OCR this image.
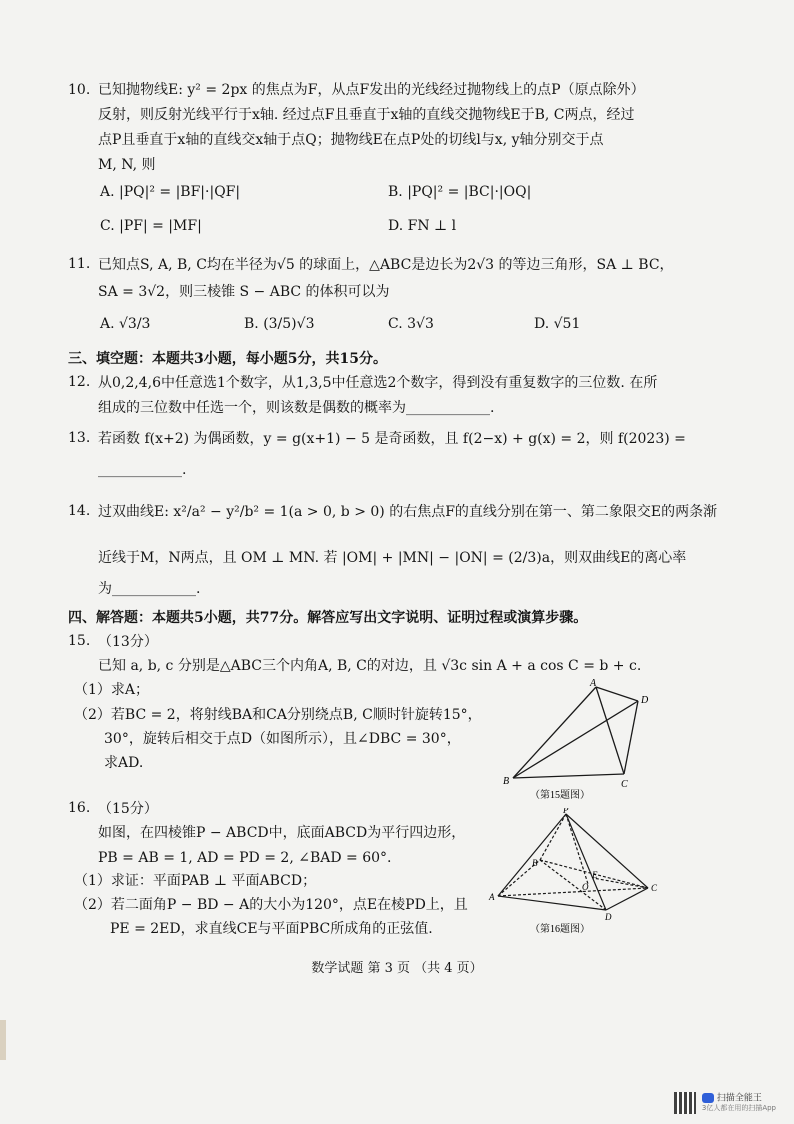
10. 已知抛物线E: y² = 2px 的焦点为F，从点F发出的光线经过抛物线上的点P（原点除外）
反射，则反射光线平行于x轴. 经过点F且垂直于x轴的直线交抛物线E于B, C两点，经过
点P且垂直于x轴的直线交x轴于点Q；抛物线E在点P处的切线l与x, y轴分别交于点
M, N, 则
A. |PQ|² = |BF|·|QF|	B. |PQ|² = |BC|·|OQ|
C. |PF| = |MF|	D. FN ⊥ l
11. 已知点S, A, B, C均在半径为√5 的球面上，△ABC是边长为2√3 的等边三角形，SA ⊥ BC，
SA = 3√2，则三棱锥 S − ABC 的体积可以为
A. √3/3	B. (3/5)√3	C. 3√3	D. √51
三、填空题：本题共3小题，每小题5分，共15分。
12. 从0,2,4,6中任意选1个数字，从1,3,5中任意选2个数字，得到没有重复数字的三位数. 在所
组成的三位数中任选一个，则该数是偶数的概率为____________.
13. 若函数 f(x+2) 为偶函数，y = g(x+1) − 5 是奇函数，且 f(2−x) + g(x) = 2，则 f(2023) =
____________.
14. 过双曲线E: x²/a² − y²/b² = 1(a > 0, b > 0) 的右焦点F的直线分别在第一、第二象限交E的两条渐
近线于M，N两点，且 OM ⊥ MN. 若 |OM| + |MN| − |ON| = (2/3)a，则双曲线E的离心率
为____________.
四、解答题：本题共5小题，共77分。解答应写出文字说明、证明过程或演算步骤。
15. （13分）
已知 a, b, c 分别是△ABC三个内角A, B, C的对边，且 √3c sin A + a cos C = b + c.
（1）求A；
（2）若BC = 2，将射线BA和CA分别绕点B, C顺时针旋转15°，
30°，旋转后相交于点D（如图所示），且∠DBC = 30°，
求AD.
A
B	C
D
（第15题图）
16. （15分）
如图，在四棱锥P − ABCD中，底面ABCD为平行四边形，
PB = AB = 1, AD = PD = 2, ∠BAD = 60°.
（1）求证：平面PAB ⊥ 平面ABCD；
（2）若二面角P − BD − A的大小为120°，点E在棱PD上，且
PE = 2ED，求直线CE与平面PBC所成角的正弦值.
P
A
B
C
D
E
O
（第16题图）
数学试题 第 3 页 （共 4 页）
扫描全能王
3亿人都在用的扫描App
